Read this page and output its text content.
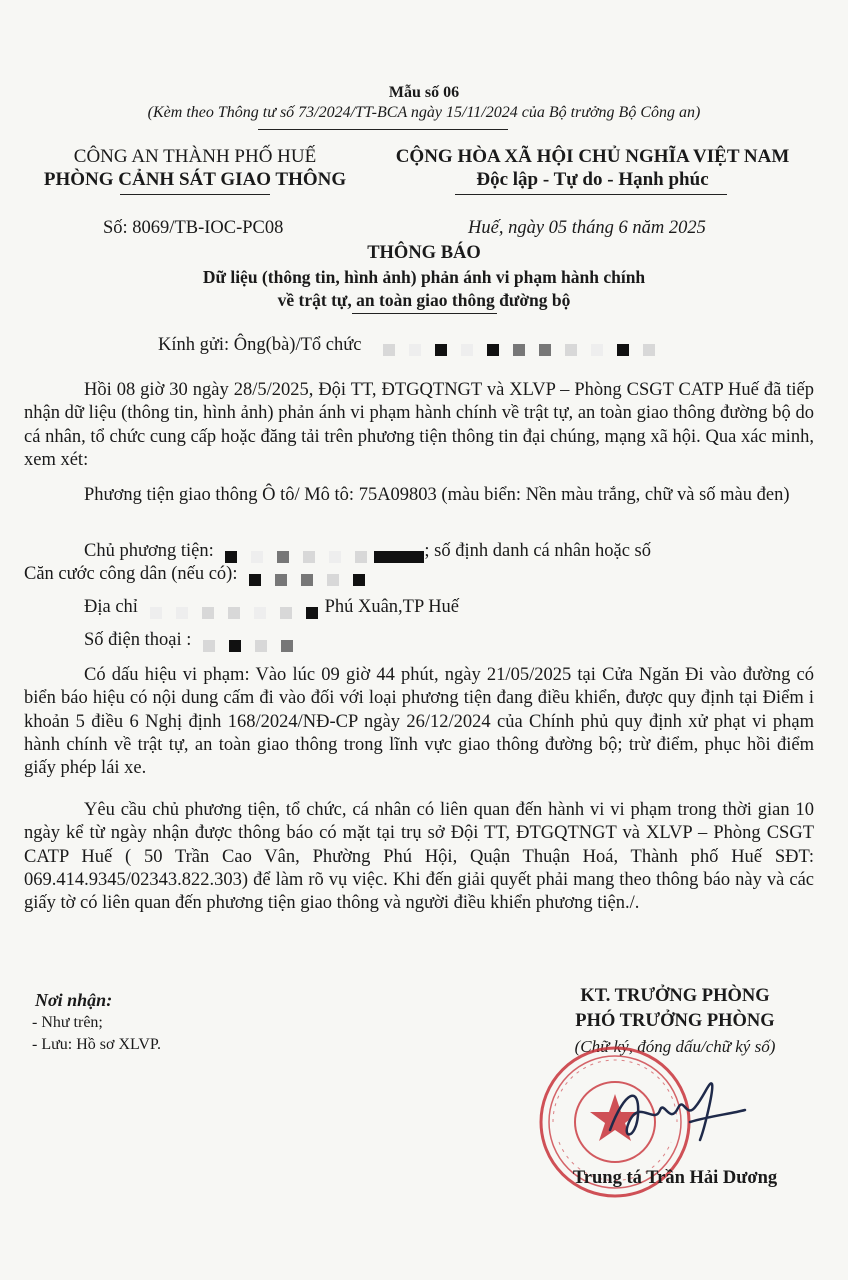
Mẫu số 06
(Kèm theo Thông tư số 73/2024/TT-BCA ngày 15/11/2024 của Bộ trưởng Bộ Công an)
CÔNG AN THÀNH PHỐ HUẾ
PHÒNG CẢNH SÁT GIAO THÔNG
CỘNG HÒA XÃ HỘI CHỦ NGHĨA VIỆT NAM
Độc lập - Tự do - Hạnh phúc
Số: 8069/TB-IOC-PC08	Huế, ngày 05 tháng 6 năm 2025
THÔNG BÁO
Dữ liệu (thông tin, hình ảnh) phản ánh vi phạm hành chính
về trật tự, an toàn giao thông đường bộ
Kính gửi: Ông(bà)/Tổ chức
Hồi 08 giờ 30 ngày 28/5/2025, Đội TT, ĐTGQTNGT và XLVP – Phòng CSGT CATP Huế đã tiếp nhận dữ liệu (thông tin, hình ảnh) phản ánh vi phạm hành chính về trật tự, an toàn giao thông đường bộ do cá nhân, tổ chức cung cấp hoặc đăng tải trên phương tiện thông tin đại chúng, mạng xã hội. Qua xác minh, xem xét:
Phương tiện giao thông Ô tô/ Mô tô: 75A09803 (màu biển: Nền màu trắng, chữ và số màu đen)
Chủ phương tiện:	; số định danh cá nhân hoặc số
Căn cước công dân (nếu có):
Địa chỉ	Phú Xuân,TP Huế
Số điện thoại :
Có dấu hiệu vi phạm: Vào lúc 09 giờ 44 phút, ngày 21/05/2025 tại Cửa Ngăn Đi vào đường có biển báo hiệu có nội dung cấm đi vào đối với loại phương tiện đang điều khiển, được quy định tại Điểm i khoản 5 điều 6 Nghị định 168/2024/NĐ-CP ngày 26/12/2024 của Chính phủ quy định xử phạt vi phạm hành chính về trật tự, an toàn giao thông trong lĩnh vực giao thông đường bộ; trừ điểm, phục hồi điểm giấy phép lái xe.
Yêu cầu chủ phương tiện, tổ chức, cá nhân có liên quan đến hành vi vi phạm trong thời gian 10 ngày kể từ ngày nhận được thông báo có mặt tại trụ sở Đội TT, ĐTGQTNGT và XLVP – Phòng CSGT CATP Huế ( 50 Trần Cao Vân, Phường Phú Hội, Quận Thuận Hoá, Thành phố Huế SĐT: 069.414.9345/02343.822.303) để làm rõ vụ việc. Khi đến giải quyết phải mang theo thông báo này và các giấy tờ có liên quan đến phương tiện giao thông và người điều khiển phương tiện./.
Nơi nhận:
- Như trên;
- Lưu: Hồ sơ XLVP.
KT. TRƯỞNG PHÒNG
PHÓ TRƯỞNG PHÒNG
(Chữ ký, đóng dấu/chữ ký số)
Trung tá Trần Hải Dương
